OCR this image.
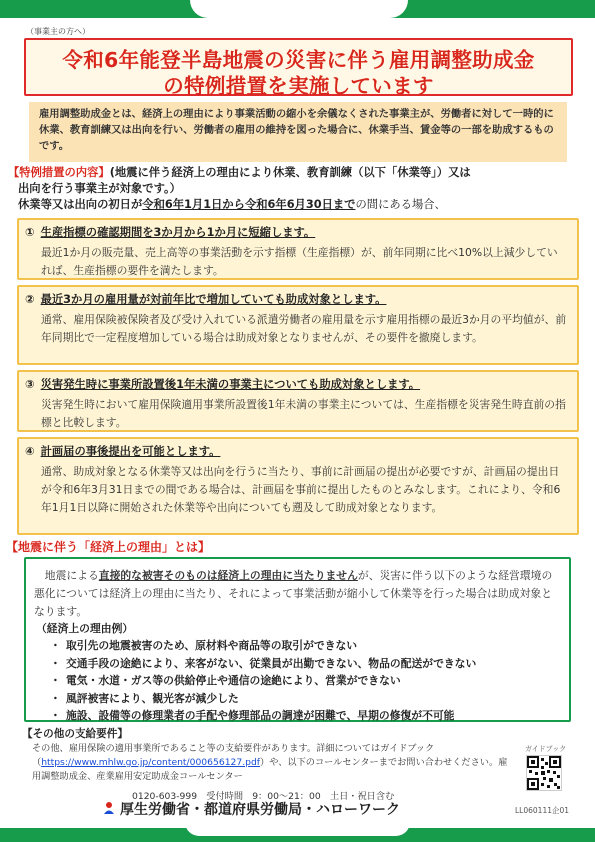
（事業主の方へ）
令和6年能登半島地震の災害に伴う雇用調整助成金
の特例措置を実施しています
雇用調整助成金とは、経済上の理由により事業活動の縮小を余儀なくされた事業主が、労働者に対して一時的に休業、教育訓練又は出向を行い、労働者の雇用の維持を図った場合に、休業手当、賃金等の一部を助成するものです。
【特例措置の内容】(地震に伴う経済上の理由により休業、教育訓練（以下「休業等」）又は
出向を行う事業主が対象です。）
休業等又は出向の初日が令和6年1月1日から令和6年6月30日までの間にある場合、
① 生産指標の確認期間を3か月から1か月に短縮します。

最近1か月の販売量、売上高等の事業活動を示す指標（生産指標）が、前年同期に比べ10%以上減少していれば、生産指標の要件を満たします。

② 最近3か月の雇用量が対前年比で増加していても助成対象とします。

通常、雇用保険被保険者及び受け入れている派遣労働者の雇用量を示す雇用指標の最近3か月の平均値が、前年同期比で一定程度増加している場合は助成対象となりませんが、その要件を撤廃します。

③ 災害発生時に事業所設置後1年未満の事業主についても助成対象とします。

災害発生時において雇用保険適用事業所設置後1年未満の事業主については、生産指標を災害発生時直前の指標と比較します。

④ 計画届の事後提出を可能とします。

通常、助成対象となる休業等又は出向を行うに当たり、事前に計画届の提出が必要ですが、計画届の提出日が令和6年3月31日までの間である場合は、計画届を事前に提出したものとみなします。これにより、令和6年1月1日以降に開始された休業等や出向についても遡及して助成対象となります。

【地震に伴う「経済上の理由」とは】

地震による直接的な被害そのものは経済上の理由に当たりませんが、災害に伴う以下のような経営環境の悪化については経済上の理由に当たり、それによって事業活動が縮小して休業等を行った場合は助成対象となります。

（経済上の理由例）
・ 取引先の地震被害のため、原材料や商品等の取引ができない
・ 交通手段の途絶により、来客がない、従業員が出勤できない、物品の配送ができない
・ 電気・水道・ガス等の供給停止や通信の途絶により、営業ができない
・ 風評被害により、観光客が減少した
・ 施設、設備等の修理業者の手配や修理部品の調達が困難で、早期の修復が不可能
【その他の支給要件】
その他、雇用保険の適用事業所であること等の支給要件があります。詳細についてはガイドブック（https://www.mhlw.go.jp/content/000656127.pdf）や、以下のコールセンターまでお問い合わせください。雇用調整助成金、産業雇用安定助成金コールセンター
0120-603-999　受付時間　9：00～21：00　土日・祝日含む
ガイドブック
LL060111企01
厚生労働省・都道府県労働局・ハローワーク
